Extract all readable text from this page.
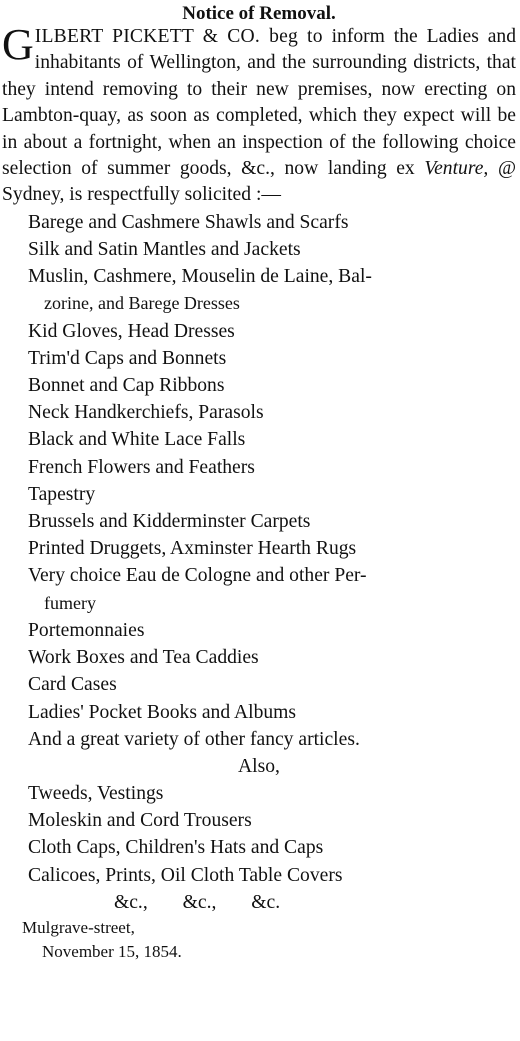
Notice of Removal.

GILBERT PICKETT & CO. beg to inform the Ladies and inhabitants of Wellington, and the surrounding districts, that they intend removing to their new premises, now erecting on Lambton-quay, as soon as completed, which they expect will be in about a fortnight, when an inspection of the following choice selection of summer goods, &c., now landing ex Venture, @ Sydney, is respectfully solicited :—

Barege and Cashmere Shawls and Scarfs
Silk and Satin Mantles and Jackets
Muslin, Cashmere, Mouselin de Laine, Bal-
zorine, and Barege Dresses
Kid Gloves, Head Dresses
Trim'd Caps and Bonnets
Bonnet and Cap Ribbons
Neck Handkerchiefs, Parasols
Black and White Lace Falls
French Flowers and Feathers
Tapestry
Brussels and Kidderminster Carpets
Printed Druggets, Axminster Hearth Rugs
Very choice Eau de Cologne and other Per-
fumery
Portemonnaies
Work Boxes and Tea Caddies
Card Cases
Ladies' Pocket Books and Albums
And a great variety of other fancy articles.

Also,

Tweeds, Vestings
Moleskin and Cord Trousers
Cloth Caps, Children's Hats and Caps
Calicoes, Prints, Oil Cloth Table Covers

&c., &c., &c.

Mulgrave-street,

November 15, 1854.
